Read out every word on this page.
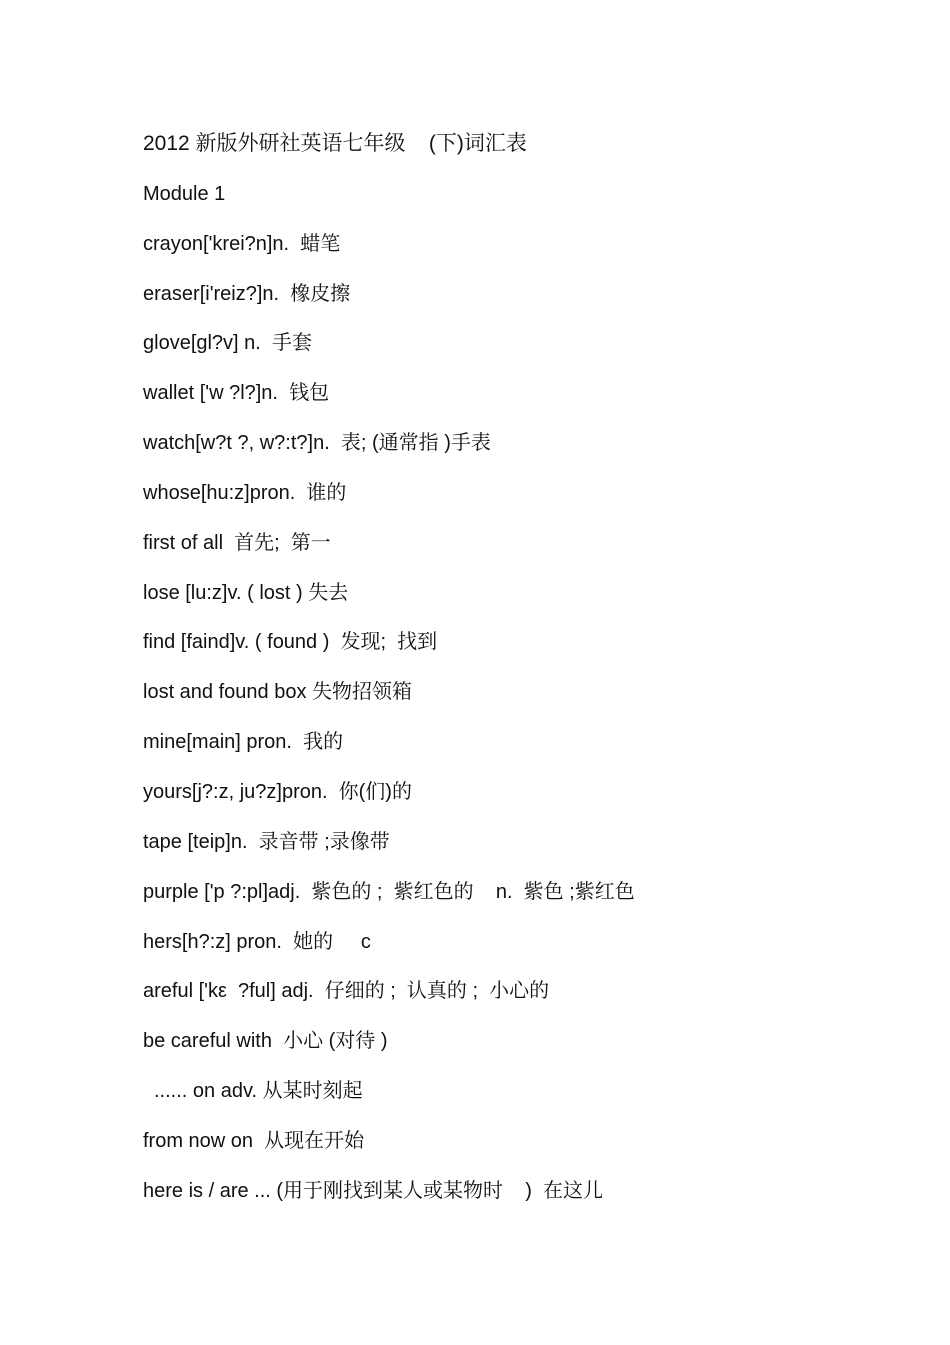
2012 新版外研社英语七年级    (下)词汇表
Module 1
crayon['krei?n]n.  蜡笔
eraser[i'reiz?]n.  橡皮擦
glove[ɡl?v] n.  手套
wallet ['w ?l?]n.  钱包
watch[w?t ?, w?:t?]n.  表; (通常指 )手表
whose[hu:z]pron.  谁的
first of all  首先;  第一
lose [lu:z]v. ( lost ) 失去
find [faind]v. ( found )  发现;  找到
lost and found box 失物招领箱
mine[main] pron.  我的
yours[j?:z, ju?z]pron.  你(们)的
tape [teip]n.  录音带 ;录像带
purple ['p ?:pl]adj.  紫色的 ;  紫红色的    n.  紫色 ;紫红色
hers[h?:z] pron.  她的     c
areful ['kε  ?ful] adj.  仔细的 ;  认真的 ;  小心的
be careful with  小心 (对待 )
...... on adv. 从某时刻起
from now on  从现在开始
here is / are ... (用于刚找到某人或某物时    )  在这儿
